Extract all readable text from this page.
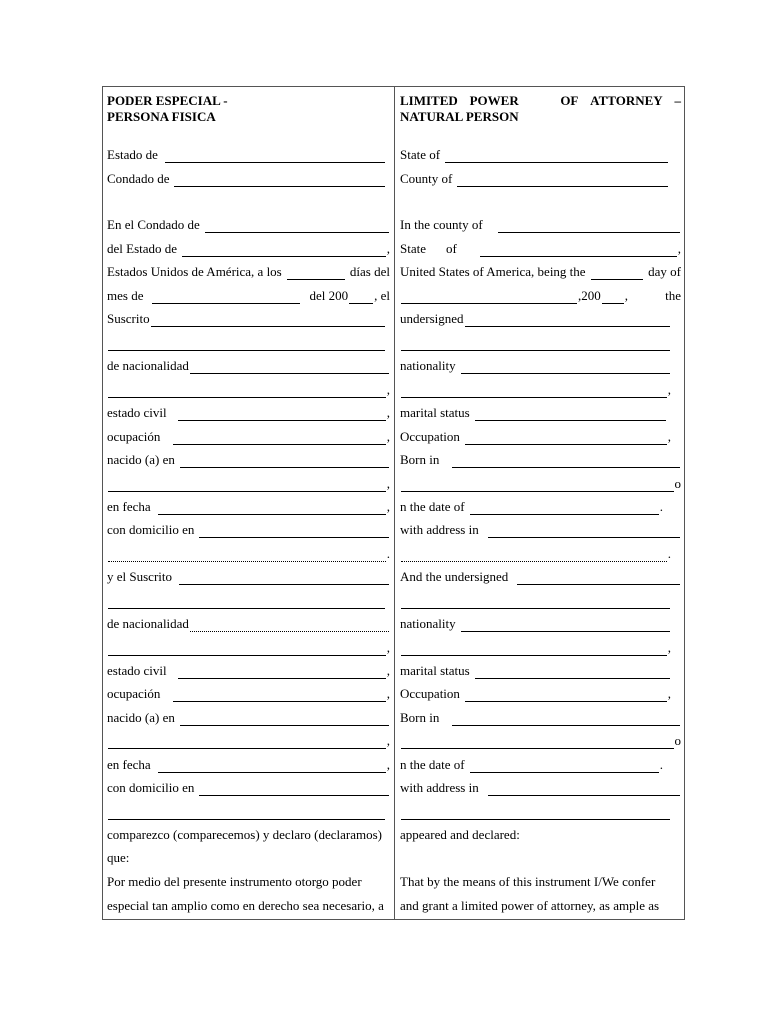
PODER ESPECIAL -
PERSONA FISICA
LIMITED POWER	OF ATTORNEY –
NATURAL PERSON
Estado de
Condado de
En el Condado de
del Estado de	,
Estados Unidos de América, a los	días del
mes de	del 200 , el
Suscrito
de nacionalidad
,
estado civil	,
ocupación	,
nacido (a) en
,
en fecha	,
con domicilio en
.
y el Suscrito
de nacionalidad
,
estado civil	,
ocupación	,
nacido (a) en
,
en fecha	,
con domicilio en
comparezco (comparecemos) y declaro (declaramos)
que:
Por medio del presente instrumento otorgo poder
especial tan amplio como en derecho sea necesario, a
State of
County of
In the county of
State of	,
United States of America, being the	day of
,200 ,	the
undersigned
nationality
,
marital status
Occupation	,
Born in
o
n the date of	.
with address in
.
And the undersigned
nationality
,
marital status
Occupation	,
Born in
o
n the date of	.
with address in
appeared and declared:
That by the means of this instrument I/We confer
and grant a limited power of attorney, as ample as
